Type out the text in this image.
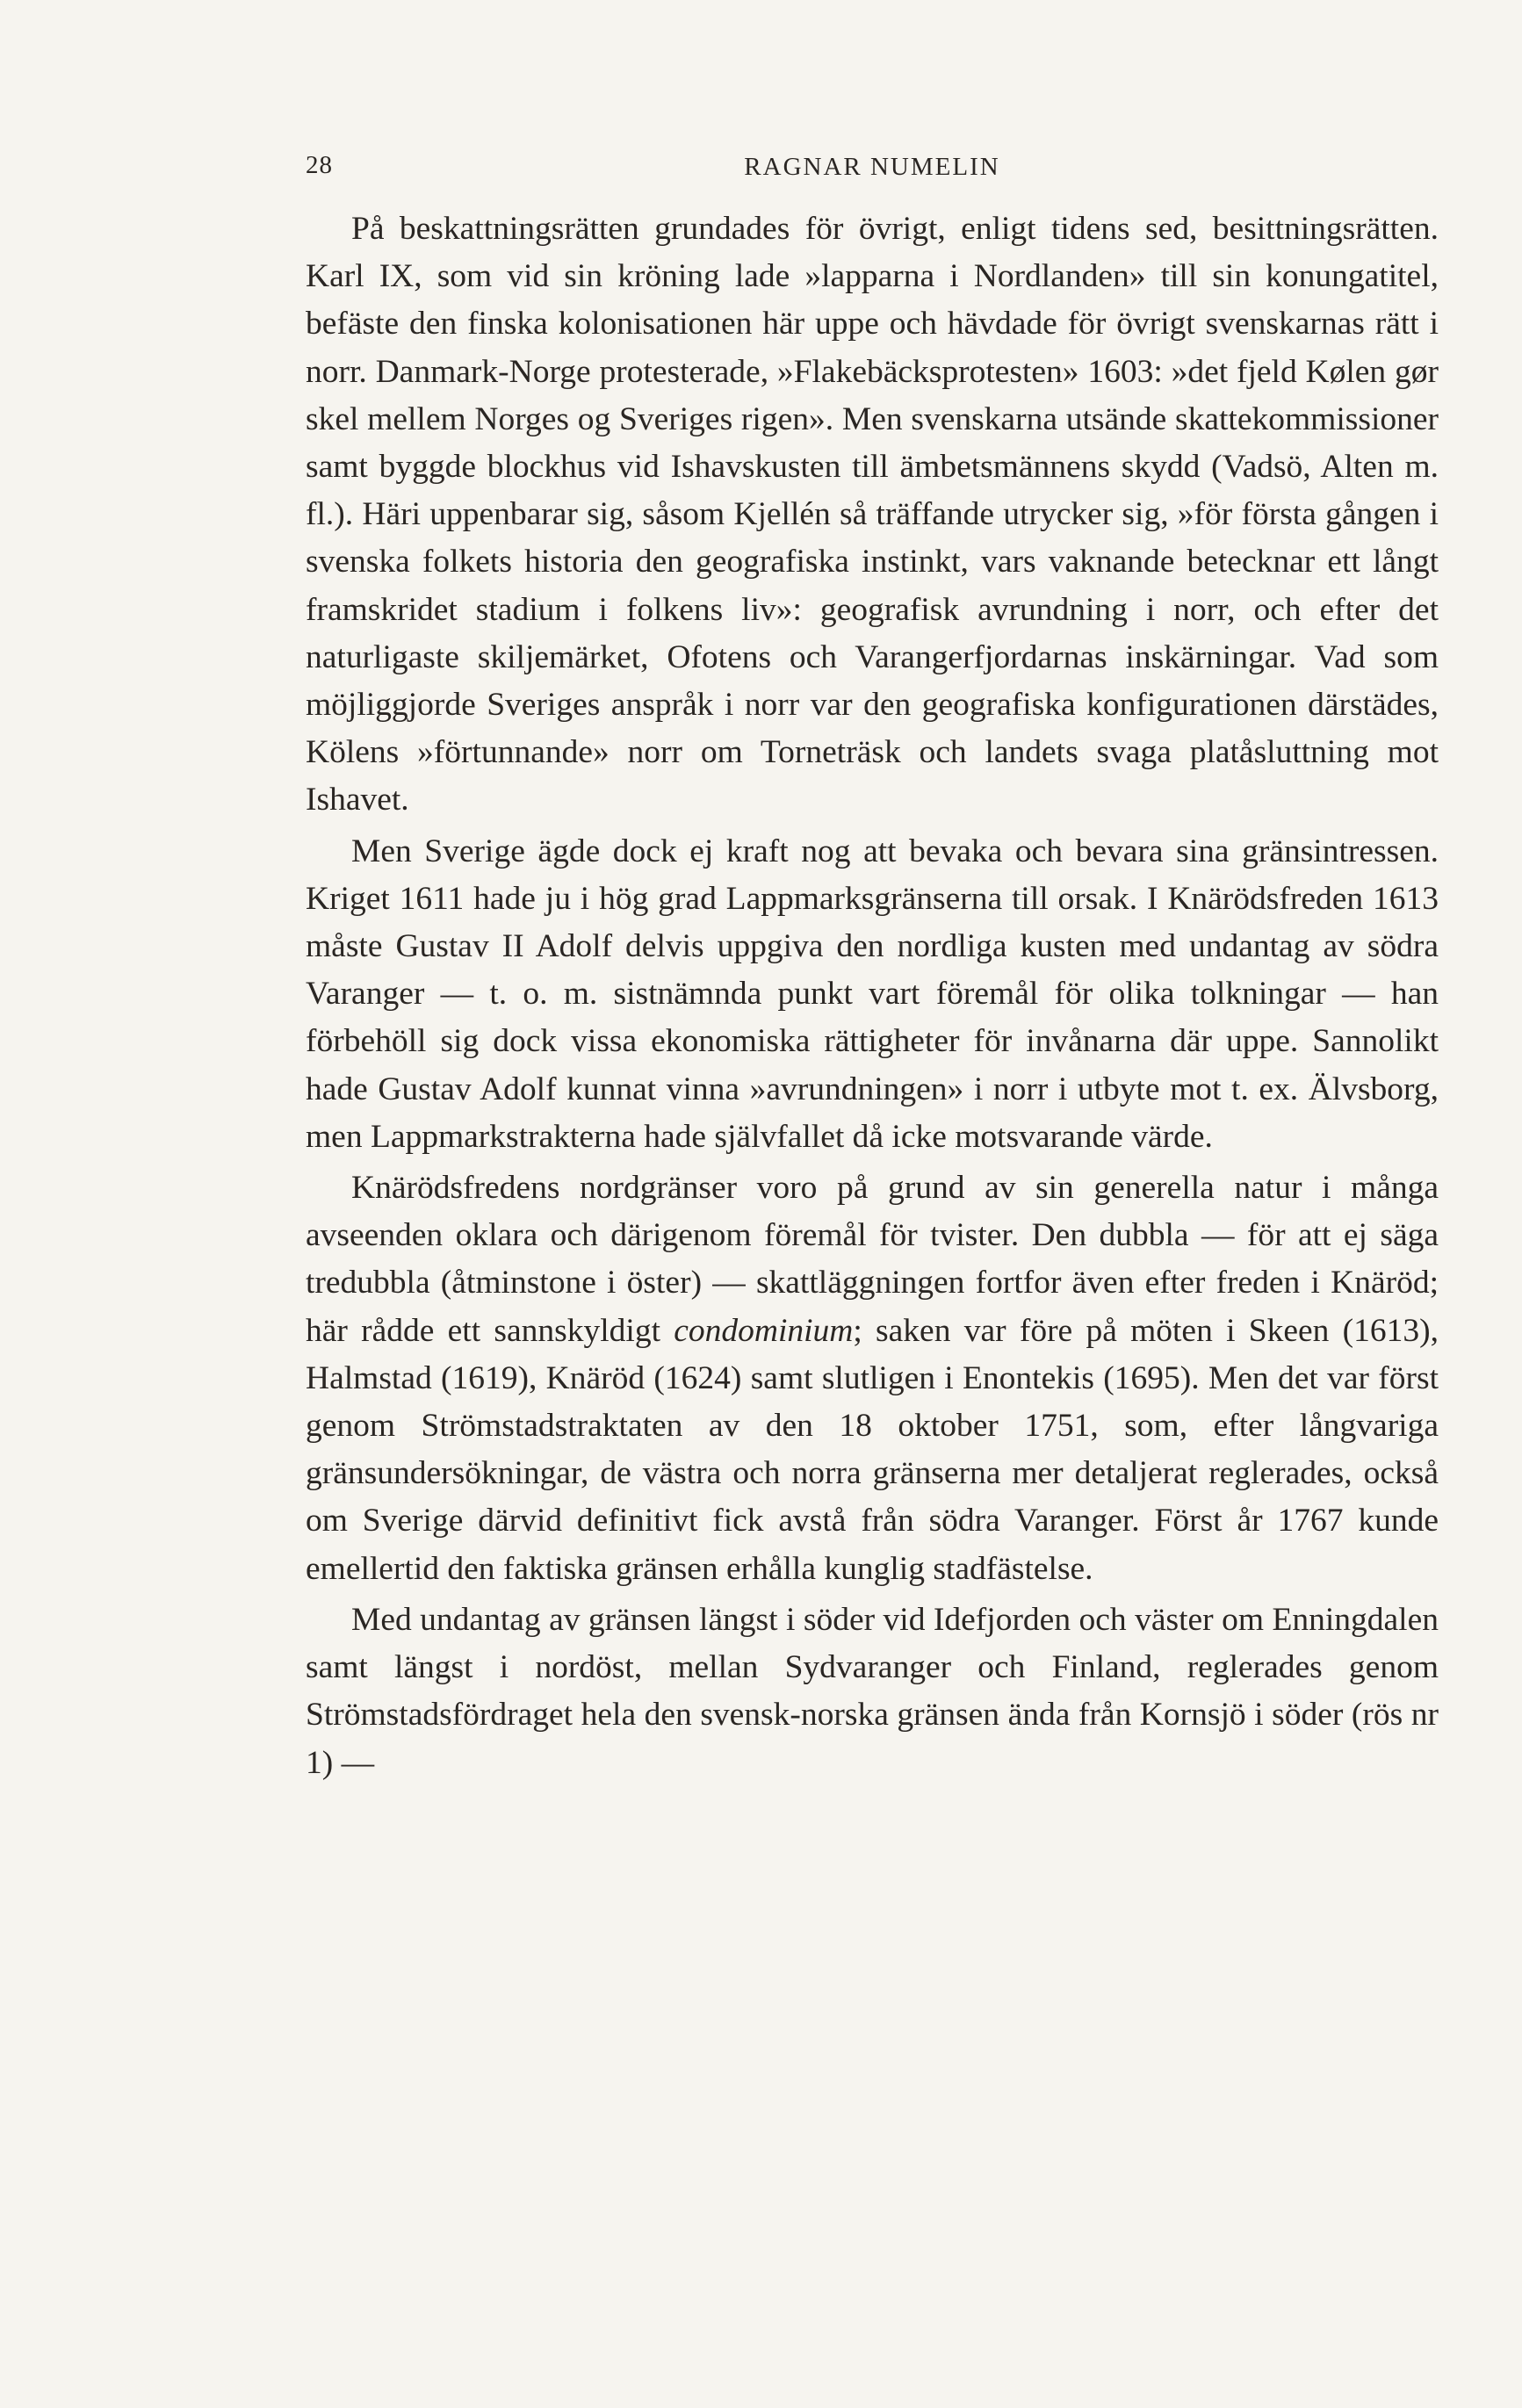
28	RAGNAR NUMELIN

På beskattningsrätten grundades för övrigt, enligt tidens sed, besittningsrätten. Karl IX, som vid sin kröning lade »lapparna i Nordlanden» till sin konungatitel, befäste den finska kolonisationen här uppe och hävdade för övrigt svenskarnas rätt i norr. Danmark-Norge protesterade, »Flakebäcksprotesten» 1603: »det fjeld Kølen gør skel mellem Norges og Sveriges rigen». Men svenskarna utsände skattekommissioner samt byggde blockhus vid Ishavskusten till ämbetsmännens skydd (Vadsö, Alten m. fl.). Häri uppenbarar sig, såsom Kjellén så träffande utrycker sig, »för första gången i svenska folkets historia den geografiska instinkt, vars vaknande betecknar ett långt framskridet stadium i folkens liv»: geografisk avrundning i norr, och efter det naturligaste skiljemärket, Ofotens och Varangerfjordarnas inskärningar. Vad som möjliggjorde Sveriges anspråk i norr var den geografiska konfigurationen därstädes, Kölens »förtunnande» norr om Torneträsk och landets svaga platåsluttning mot Ishavet.

Men Sverige ägde dock ej kraft nog att bevaka och bevara sina gränsintressen. Kriget 1611 hade ju i hög grad Lappmarksgränserna till orsak. I Knärödsfreden 1613 måste Gustav II Adolf delvis uppgiva den nordliga kusten med undantag av södra Varanger — t. o. m. sistnämnda punkt vart föremål för olika tolkningar — han förbehöll sig dock vissa ekonomiska rättigheter för invånarna där uppe. Sannolikt hade Gustav Adolf kunnat vinna »avrundningen» i norr i utbyte mot t. ex. Älvsborg, men Lappmarkstrakterna hade självfallet då icke motsvarande värde.

Knärödsfredens nordgränser voro på grund av sin generella natur i många avseenden oklara och därigenom föremål för tvister. Den dubbla — för att ej säga tredubbla (åtminstone i öster) — skattläggningen fortfor även efter freden i Knäröd; här rådde ett sannskyldigt condominium; saken var före på möten i Skeen (1613), Halmstad (1619), Knäröd (1624) samt slutligen i Enontekis (1695). Men det var först genom Strömstadstraktaten av den 18 oktober 1751, som, efter långvariga gränsundersökningar, de västra och norra gränserna mer detaljerat reglerades, också om Sverige därvid definitivt fick avstå från södra Varanger. Först år 1767 kunde emellertid den faktiska gränsen erhålla kunglig stadfästelse.

Med undantag av gränsen längst i söder vid Idefjorden och väster om Enningdalen samt längst i nordöst, mellan Sydvaranger och Finland, reglerades genom Strömstadsfördraget hela den svensk-norska gränsen ända från Kornsjö i söder (rös nr 1) —
